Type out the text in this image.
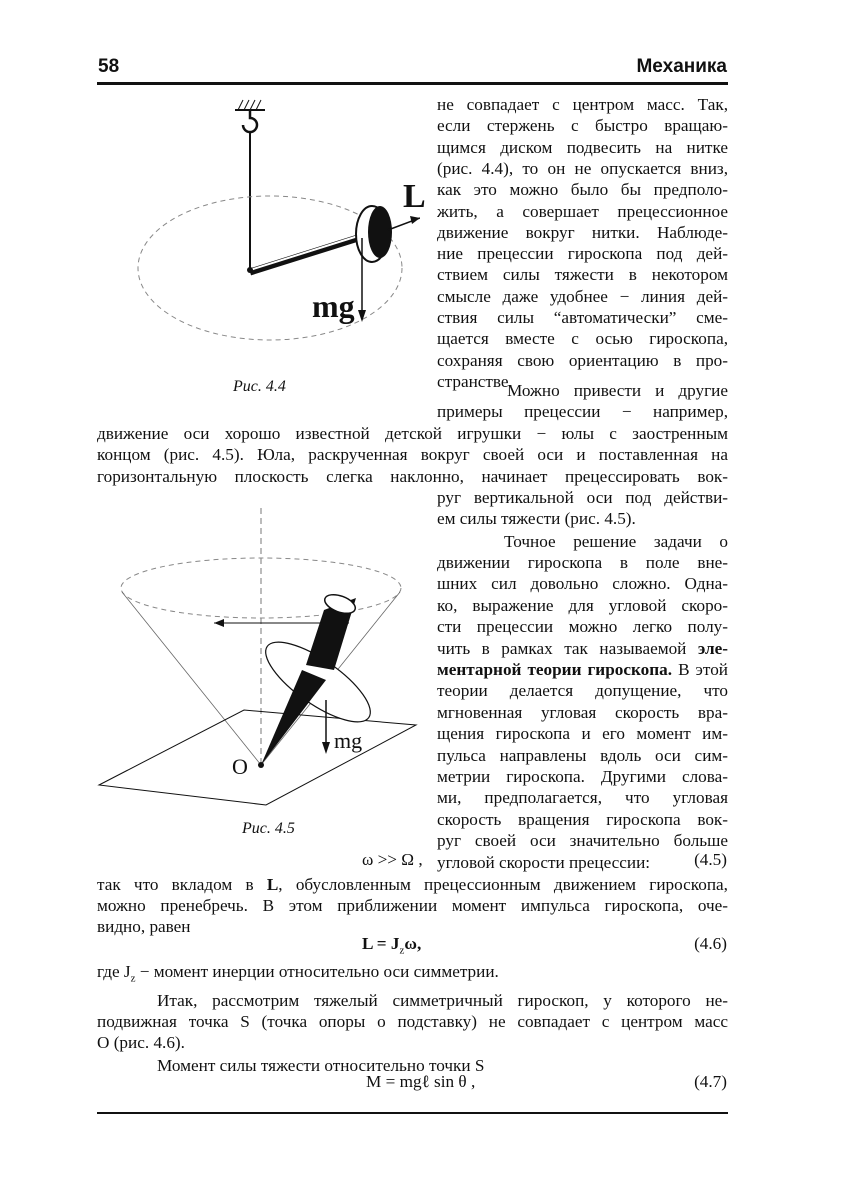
58	Механика
L
mg
Рис. 4.4
mg
O
Рис. 4.5
не совпадает с центром масс. Так,
если стержень с быстро вращаю-
щимся диском подвесить на нитке
(рис. 4.4), то он не опускается вниз,
как это можно было бы предполо-
жить, а совершает прецессионное
движение вокруг нитки. Наблюде-
ние прецессии гироскопа под дей-
ствием силы тяжести в некотором
смысле даже удобнее − линия дей-
ствия силы “автоматически” сме-
щается вместе с осью гироскопа,
сохраняя свою ориентацию в про-
странстве.
Можно привести и другие
примеры прецессии − например,
движение оси хорошо известной детской игрушки − юлы с заостренным
концом (рис. 4.5). Юла, раскрученная вокруг своей оси и поставленная на
горизонтальную плоскость слегка наклонно, начинает прецессировать вок-
руг вертикальной оси под действи-
ем силы тяжести (рис. 4.5).
Точное решение задачи о
движении гироскопа в поле вне-
шних сил довольно сложно. Одна-
ко, выражение для угловой скоро-
сти прецессии можно легко полу-
чить в рамках так называемой эле-
ментарной теории гироскопа. В этой
теории делается допущение, что
мгновенная угловая скорость вра-
щения гироскопа и его момент им-
пульса направлены вдоль оси сим-
метрии гироскопа. Другими слова-
ми, предполагается, что угловая
скорость вращения гироскопа вок-
руг своей оси значительно больше
угловой скорости прецессии:
так что вкладом в L, обусловленным прецессионным движением гироскопа,
можно пренебречь. В этом приближении момент импульса гироскопа, оче-
видно, равен
где $J_z$ − момент инерции относительно оси симметрии.
Итак, рассмотрим тяжелый симметричный гироскоп, у которого не-
подвижная точка S (точка опоры о подставку) не совпадает с центром масс
O (рис. 4.6).
Момент силы тяжести относительно точки S
ω >> Ω ,	(4.5)
$L = J_z\omega$,	(4.6)
M = mgℓ sin θ ,	(4.7)
